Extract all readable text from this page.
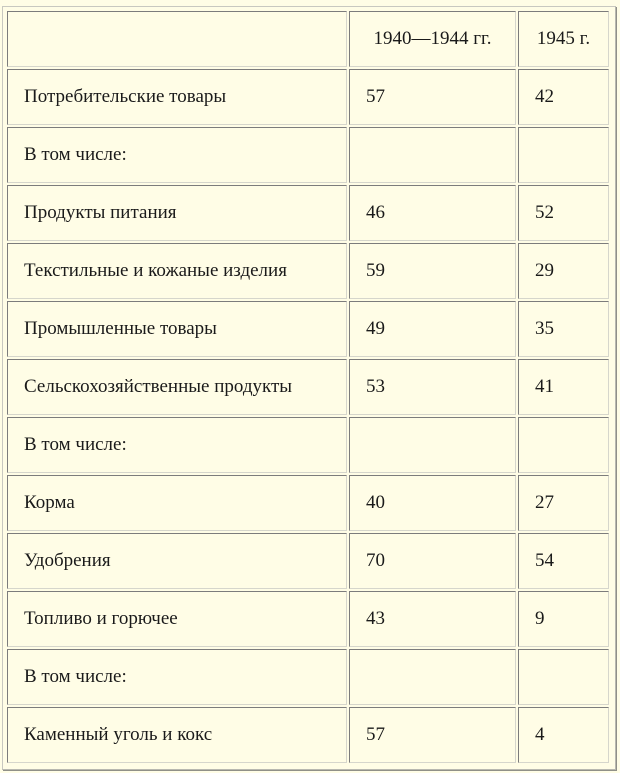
	1940—1944 гг.	1945 г.
Потребительские товары	57	42
В том числе:		
Продукты питания	46	52
Текстильные и кожаные изделия	59	29
Промышленные товары	49	35
Сельскохозяйственные продукты	53	41
В том числе:		
Корма	40	27
Удобрения	70	54
Топливо и горючее	43	9
В том числе:		
Каменный уголь и кокс	57	4
